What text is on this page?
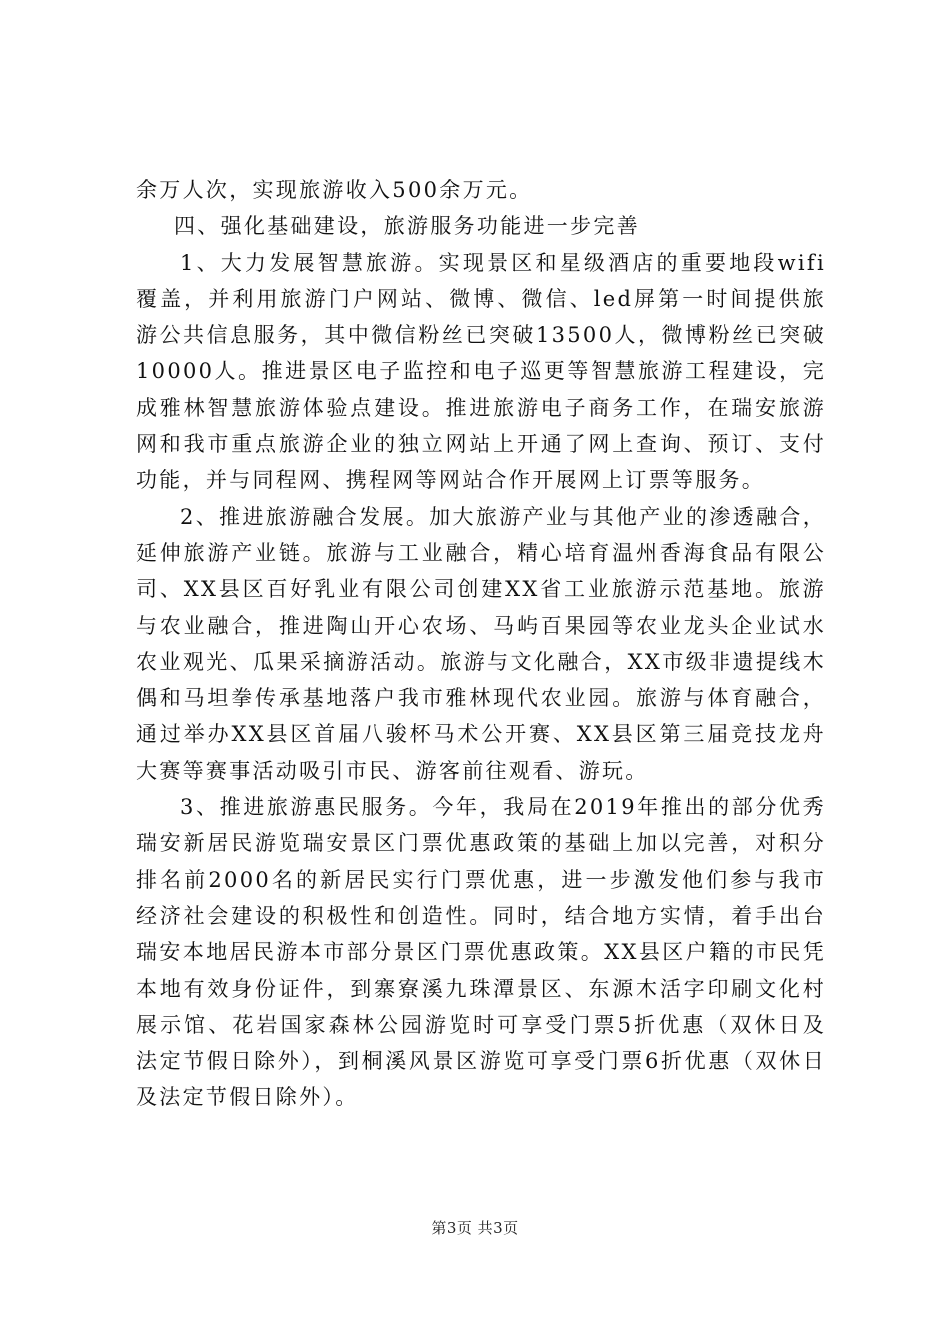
余万人次，实现旅游收入500余万元。

四、强化基础建设，旅游服务功能进一步完善

1、大力发展智慧旅游。实现景区和星级酒店的重要地段wifi覆盖，并利用旅游门户网站、微博、微信、led屏第一时间提供旅游公共信息服务，其中微信粉丝已突破13500人，微博粉丝已突破10000人。推进景区电子监控和电子巡更等智慧旅游工程建设，完成雅林智慧旅游体验点建设。推进旅游电子商务工作，在瑞安旅游网和我市重点旅游企业的独立网站上开通了网上查询、预订、支付功能，并与同程网、携程网等网站合作开展网上订票等服务。

2、推进旅游融合发展。加大旅游产业与其他产业的渗透融合，延伸旅游产业链。旅游与工业融合，精心培育温州香海食品有限公司、XX县区百好乳业有限公司创建XX省工业旅游示范基地。旅游与农业融合，推进陶山开心农场、马屿百果园等农业龙头企业试水农业观光、瓜果采摘游活动。旅游与文化融合，XX市级非遗提线木偶和马坦拳传承基地落户我市雅林现代农业园。旅游与体育融合，通过举办XX县区首届八骏杯马术公开赛、XX县区第三届竞技龙舟大赛等赛事活动吸引市民、游客前往观看、游玩。

3、推进旅游惠民服务。今年，我局在2019年推出的部分优秀瑞安新居民游览瑞安景区门票优惠政策的基础上加以完善，对积分排名前2000名的新居民实行门票优惠，进一步激发他们参与我市经济社会建设的积极性和创造性。同时，结合地方实情，着手出台瑞安本地居民游本市部分景区门票优惠政策。XX县区户籍的市民凭本地有效身份证件，到寨寮溪九珠潭景区、东源木活字印刷文化村展示馆、花岩国家森林公园游览时可享受门票5折优惠（双休日及法定节假日除外），到桐溪风景区游览可享受门票6折优惠（双休日及法定节假日除外）。

第3页 共3页
